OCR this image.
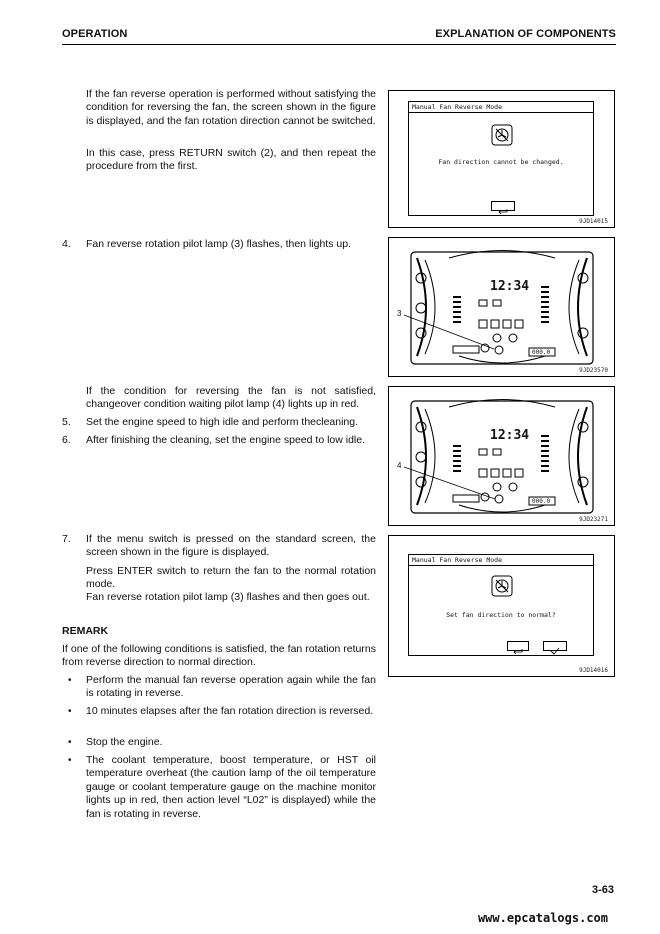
OPERATION	EXPLANATION OF COMPONENTS
If the fan reverse operation is performed without satisfying the condition for reversing the fan, the screen shown in the figure is displayed, and the fan rotation direction cannot be switched.
In this case, press RETURN switch (2), and then repeat the procedure from the first.
4. Fan reverse rotation pilot lamp (3) flashes, then lights up.
If the condition for reversing the fan is not satisfied, changeover condition waiting pilot lamp (4) lights up in red.
5. Set the engine speed to high idle and perform thecleaning.
6. After finishing the cleaning, set the engine speed to low idle.
7. If the menu switch is pressed on the standard screen, the screen shown in the figure is displayed.
Press ENTER switch to return the fan to the normal rotation mode.
Fan reverse rotation pilot lamp (3) flashes and then goes out.
REMARK
If one of the following conditions is satisfied, the fan rotation returns from reverse direction to normal direction.
• Perform the manual fan reverse operation again while the fan is rotating in reverse.
• 10 minutes elapses after the fan rotation direction is reversed.
• Stop the engine.
• The coolant temperature, boost temperature, or HST oil temperature overheat (the caution lamp of the oil temperature gauge or coolant temperature gauge on the machine monitor lights up in red, then action level “L02” is displayed) while the fan is rotating in reverse.
Manual Fan Reverse Mode
Fan direction cannot be changed.
9JD14015
12:34
000.0
3
9JD23570
12:34
000.0
4
9JD23271
Manual Fan Reverse Mode
Set fan direction to normal?
9JD14016
3-63
www.epcatalogs.com
